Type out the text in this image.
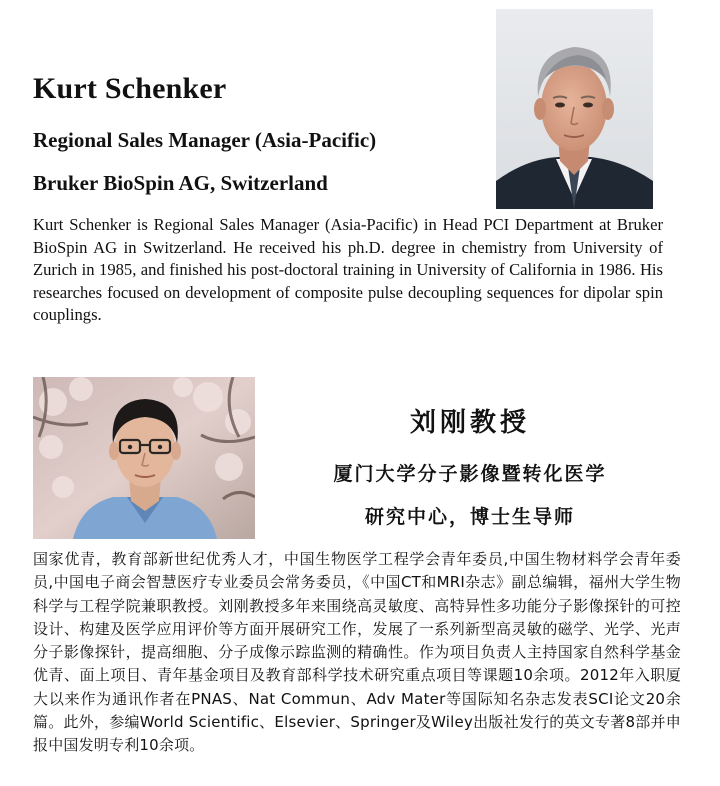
Kurt Schenker
Regional Sales Manager (Asia-Pacific)
Bruker BioSpin AG, Switzerland

Kurt Schenker is Regional Sales Manager (Asia-Pacific) in Head PCI Department at Bruker BioSpin AG in Switzerland. He received his ph.D. degree in chemistry from University of Zurich in 1985, and finished his post-doctoral training in University of California in 1986. His researches focused on development of composite pulse decoupling sequences for dipolar spin couplings.

刘刚教授
厦门大学分子影像暨转化医学
研究中心，博士生导师

国家优青，教育部新世纪优秀人才，中国生物医学工程学会青年委员,中国生物材料学会青年委员,中国电子商会智慧医疗专业委员会常务委员，《中国CT和MRI杂志》副总编辑，福州大学生物科学与工程学院兼职教授。刘刚教授多年来围绕高灵敏度、高特异性多功能分子影像探针的可控设计、构建及医学应用评价等方面开展研究工作，发展了一系列新型高灵敏的磁学、光学、光声分子影像探针，提高细胞、分子成像示踪监测的精确性。作为项目负责人主持国家自然科学基金优青、面上项目、青年基金项目及教育部科学技术研究重点项目等课题10余项。2012年入职厦大以来作为通讯作者在PNAS、Nat Commun、Adv Mater等国际知名杂志发表SCI论文20余篇。此外，参编World Scientific、Elsevier、Springer及Wiley出版社发行的英文专著8部并申报中国发明专利10余项。
